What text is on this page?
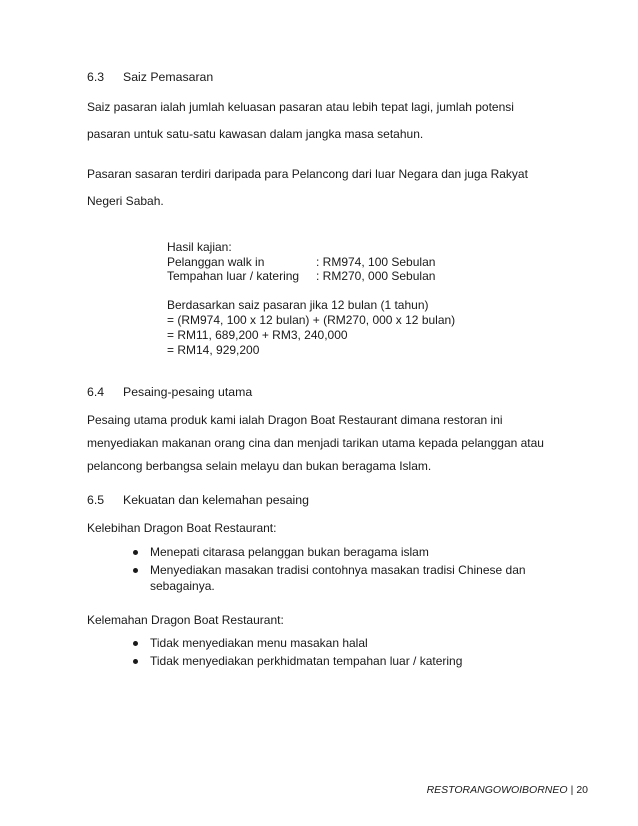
6.3 Saiz Pemasaran
Saiz pasaran ialah jumlah keluasan pasaran atau lebih tepat lagi, jumlah potensi
pasaran untuk satu-satu kawasan dalam jangka masa setahun.
Pasaran sasaran terdiri daripada para Pelancong dari luar Negara dan juga Rakyat
Negeri Sabah.
Hasil kajian:
Pelanggan walk in	: RM974, 100 Sebulan
Tempahan luar / katering : RM270, 000 Sebulan
Berdasarkan saiz pasaran jika 12 bulan (1 tahun)
= (RM974, 100 x 12 bulan) + (RM270, 000 x 12 bulan)
= RM11, 689,200 + RM3, 240,000
= RM14, 929,200
6.4 Pesaing-pesaing utama
Pesaing utama produk kami ialah Dragon Boat Restaurant dimana restoran ini
menyediakan makanan orang cina dan menjadi tarikan utama kepada pelanggan atau
pelancong berbangsa selain melayu dan bukan beragama Islam.
6.5 Kekuatan dan kelemahan pesaing
Kelebihan Dragon Boat Restaurant:
Menepati citarasa pelanggan bukan beragama islam
Menyediakan masakan tradisi contohnya masakan tradisi Chinese dan
sebagainya.
Kelemahan Dragon Boat Restaurant:
Tidak menyediakan menu masakan halal
Tidak menyediakan perkhidmatan tempahan luar / katering
RESTORANGOWOIBORNEO | 20
